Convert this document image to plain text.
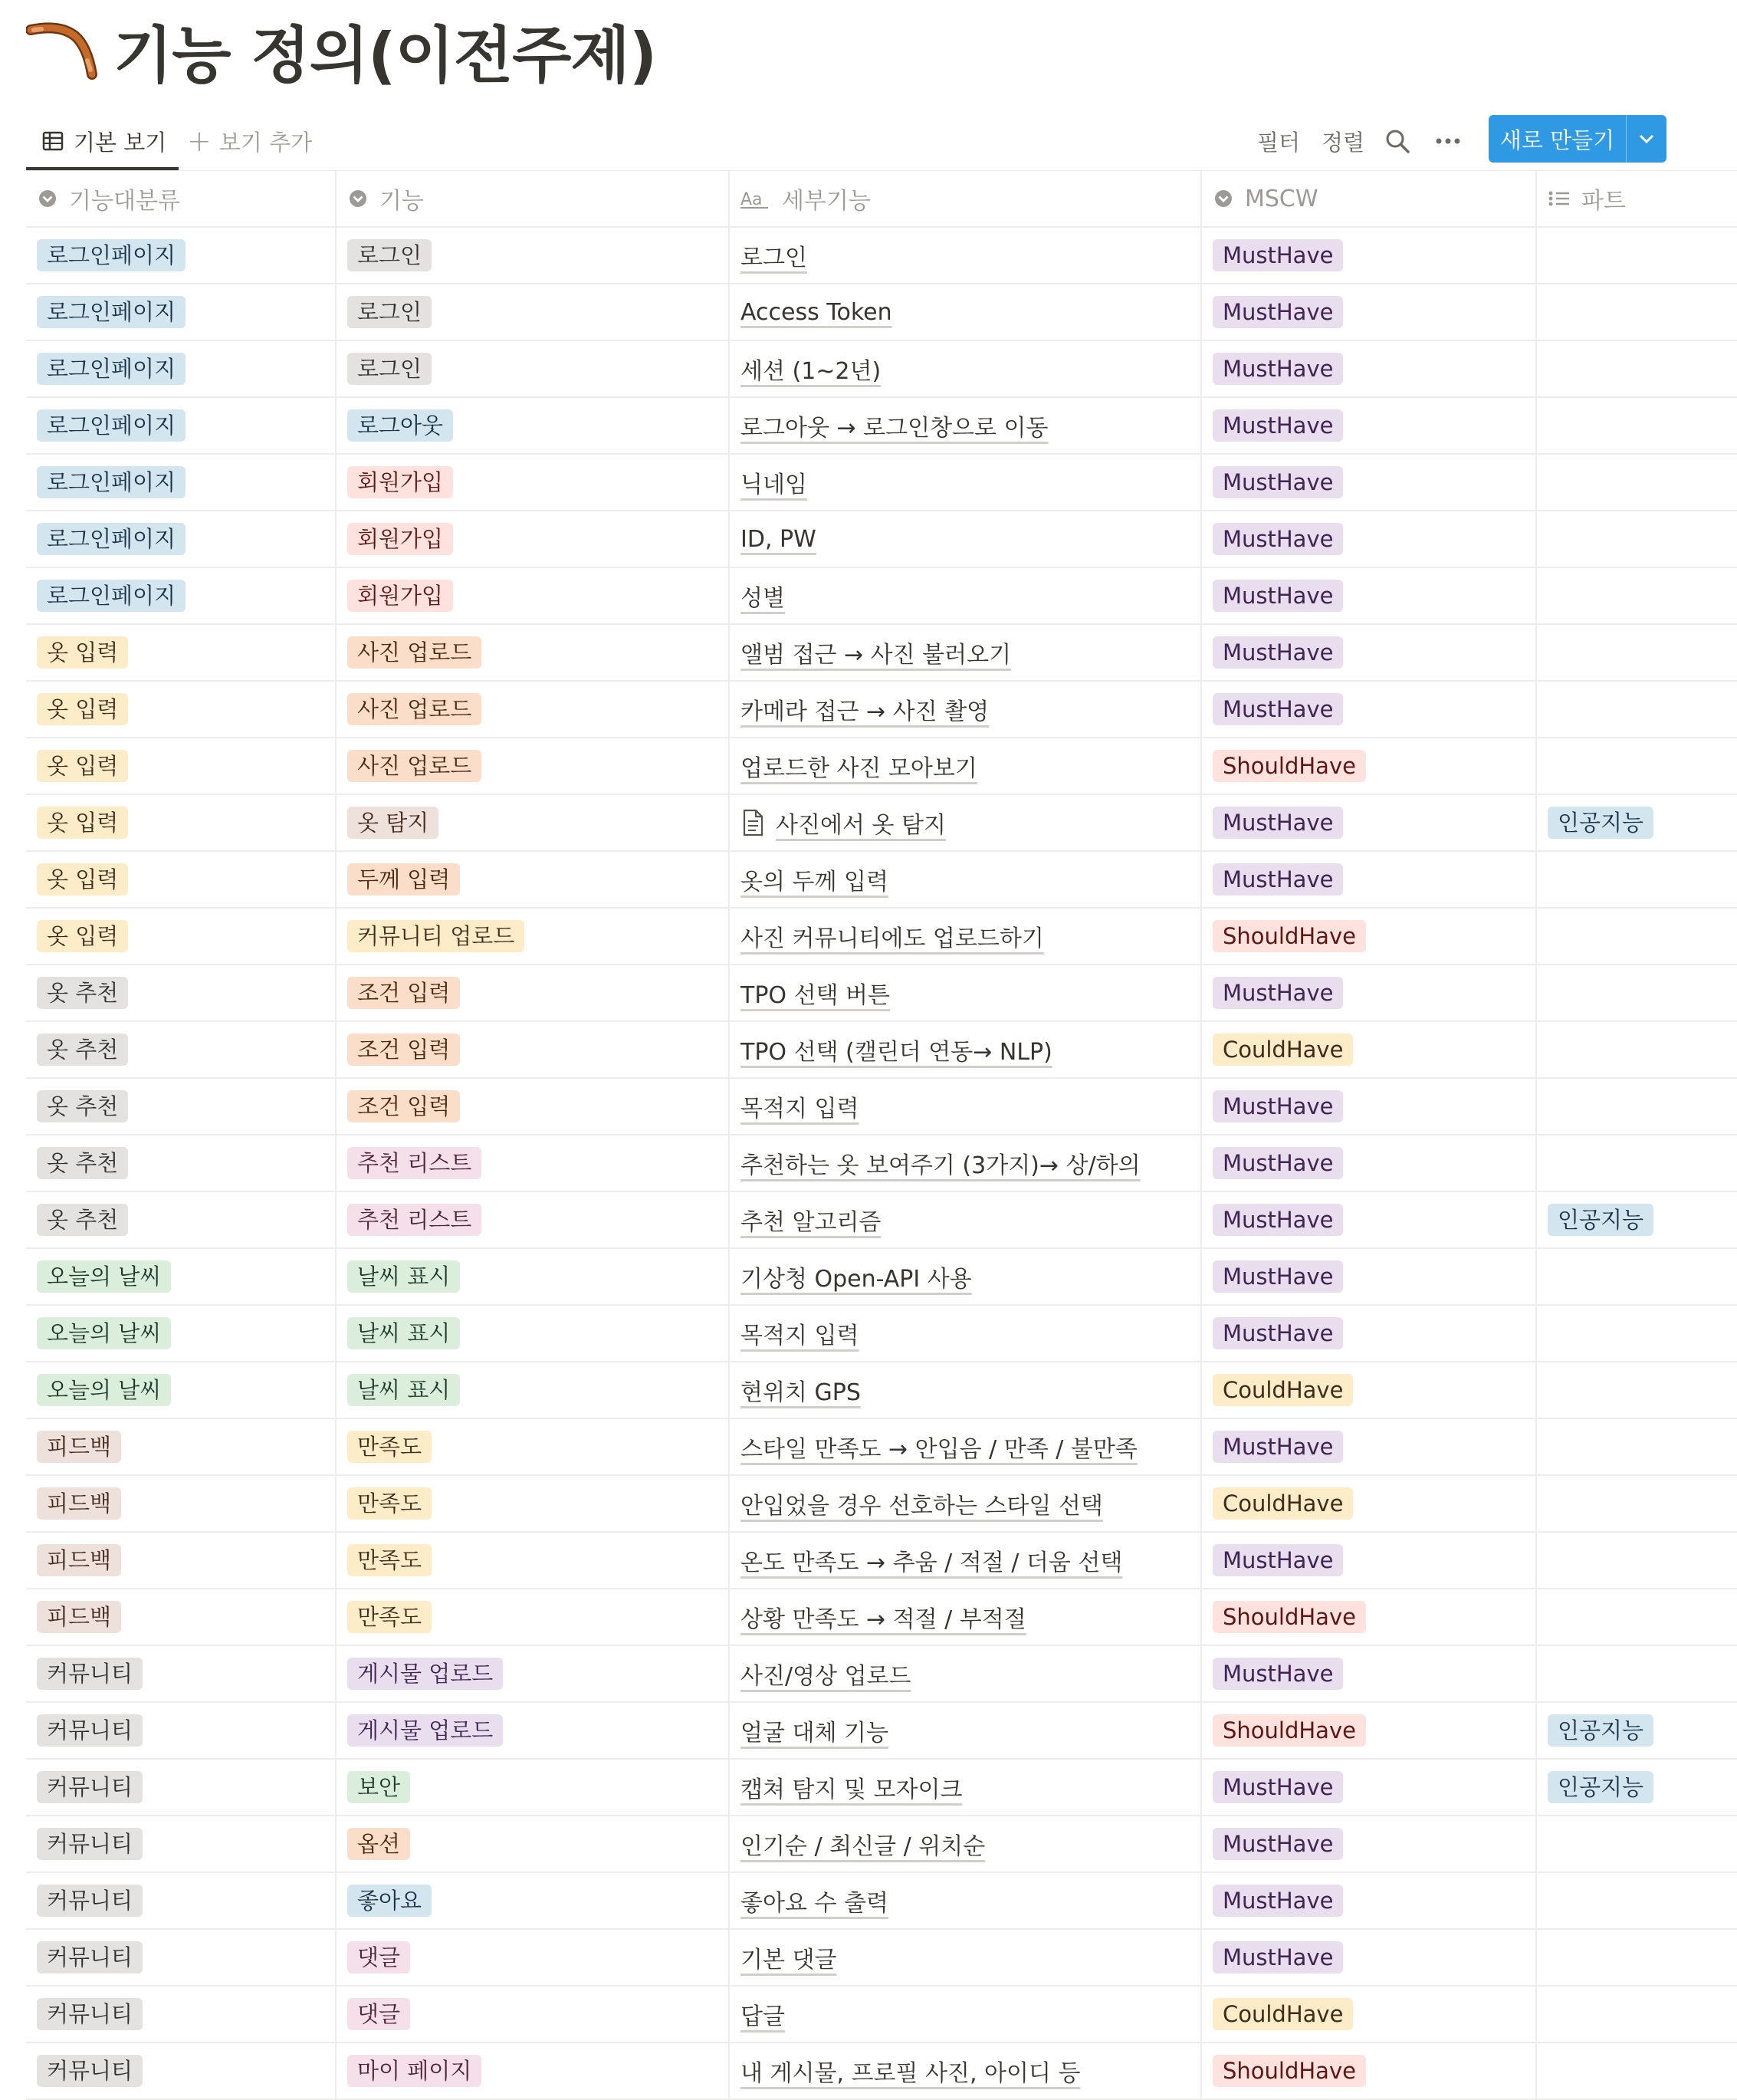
기능 정의(이전주제)
기본 보기 + 보기 추가	필터 정렬	새로 만들기
기능대분류	기능	Aa 세부기능	MSCW	파트
로그인페이지	로그인	로그인	MustHave
로그인페이지	로그인	Access Token	MustHave
로그인페이지	로그인	세션 (1~2년)	MustHave
로그인페이지	로그아웃	로그아웃 → 로그인창으로 이동	MustHave
로그인페이지	회원가입	닉네임	MustHave
로그인페이지	회원가입	ID, PW	MustHave
로그인페이지	회원가입	성별	MustHave
옷 입력	사진 업로드	앨범 접근 → 사진 불러오기	MustHave
옷 입력	사진 업로드	카메라 접근 → 사진 촬영	MustHave
옷 입력	사진 업로드	업로드한 사진 모아보기	ShouldHave
옷 입력	옷 탐지	사진에서 옷 탐지	MustHave	인공지능
옷 입력	두께 입력	옷의 두께 입력	MustHave
옷 입력	커뮤니티 업로드	사진 커뮤니티에도 업로드하기	ShouldHave
옷 추천	조건 입력	TPO 선택 버튼	MustHave
옷 추천	조건 입력	TPO 선택 (캘린더 연동→ NLP)	CouldHave
옷 추천	조건 입력	목적지 입력	MustHave
옷 추천	추천 리스트	추천하는 옷 보여주기 (3가지)→ 상/하의	MustHave
옷 추천	추천 리스트	추천 알고리즘	MustHave	인공지능
오늘의 날씨	날씨 표시	기상청 Open-API 사용	MustHave
오늘의 날씨	날씨 표시	목적지 입력	MustHave
오늘의 날씨	날씨 표시	현위치 GPS	CouldHave
피드백	만족도	스타일 만족도 → 안입음 / 만족 / 불만족	MustHave
피드백	만족도	안입었을 경우 선호하는 스타일 선택	CouldHave
피드백	만족도	온도 만족도 → 추움 / 적절 / 더움 선택	MustHave
피드백	만족도	상황 만족도 → 적절 / 부적절	ShouldHave
커뮤니티	게시물 업로드	사진/영상 업로드	MustHave
커뮤니티	게시물 업로드	얼굴 대체 기능	ShouldHave	인공지능
커뮤니티	보안	캡쳐 탐지 및 모자이크	MustHave	인공지능
커뮤니티	옵션	인기순 / 최신글 / 위치순	MustHave
커뮤니티	좋아요	좋아요 수 출력	MustHave
커뮤니티	댓글	기본 댓글	MustHave
커뮤니티	댓글	답글	CouldHave
커뮤니티	마이 페이지	내 게시물, 프로필 사진, 아이디 등	ShouldHave
